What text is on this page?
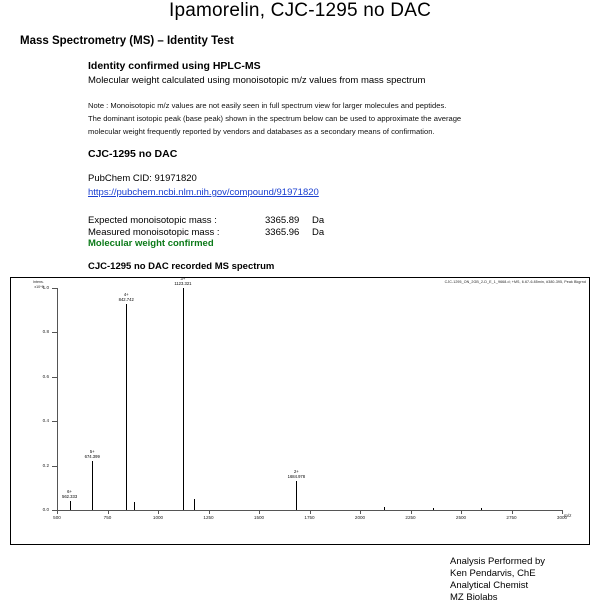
Ipamorelin, CJC-1295 no DAC
Mass Spectrometry (MS) – Identity Test
Identity confirmed using HPLC-MS
Molecular weight calculated using monoisotopic m/z values from mass spectrum
Note : Monoisotopic m/z values are not easily seen in full spectrum view for larger molecules and peptides.
The dominant isotopic peak (base peak) shown in the spectrum below can be used to approximate the average
molecular weight frequently reported by vendors and databases as a secondary means of confirmation.
CJC-1295 no DAC
PubChem CID: 91971820
https://pubchem.ncbi.nlm.nih.gov/compound/91971820
Expected monoisotopic mass :	3365.89 Da
Measured monoisotopic mass :	3365.96 Da
Molecular weight confirmed
CJC-1295 no DAC recorded MS spectrum
Intens.
x10^8
CJC-1295_ON_2GB_2-D_E_1_9668.d; +MS, 6.67-6.85min, #380-395, Peak Bkgrnd
1.0
0.8
0.6
0.4
0.2
0.0
500	750	1000	1250	1500	1750	2000	2250	2500	2750	3000
m/z
6+
562.333
5+
674.399
4+
842.742
3+
1123.321
2+
1684.978
Analysis Performed by
Ken Pendarvis, ChE
Analytical Chemist
MZ Biolabs
